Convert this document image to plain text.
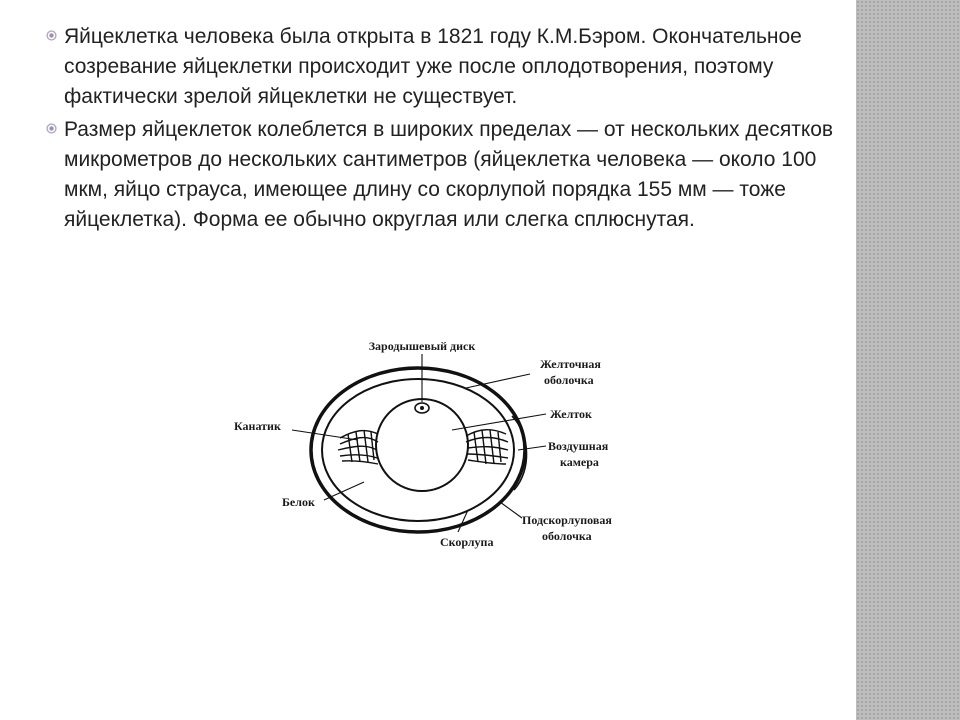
Яйцеклетка человека была открыта в 1821 году К.М.Бэром. Окончательное созревание яйцеклетки происходит уже после оплодотворения, поэтому фактически зрелой яйцеклетки не существует.
Размер яйцеклеток колеблется в широких пределах — от нескольких десятков микрометров до нескольких сантиметров (яйцеклетка человека — около 100 мкм, яйцо страуса, имеющее длину со скорлупой порядка 155 мм — тоже яйцеклетка). Форма ее обычно округлая или слегка сплюснутая.
Зародышевый диск
Желточная
оболочка
Желток
Воздушная
камера
Канатик
Белок
Скорлупа
Подскорлуповая
оболочка
